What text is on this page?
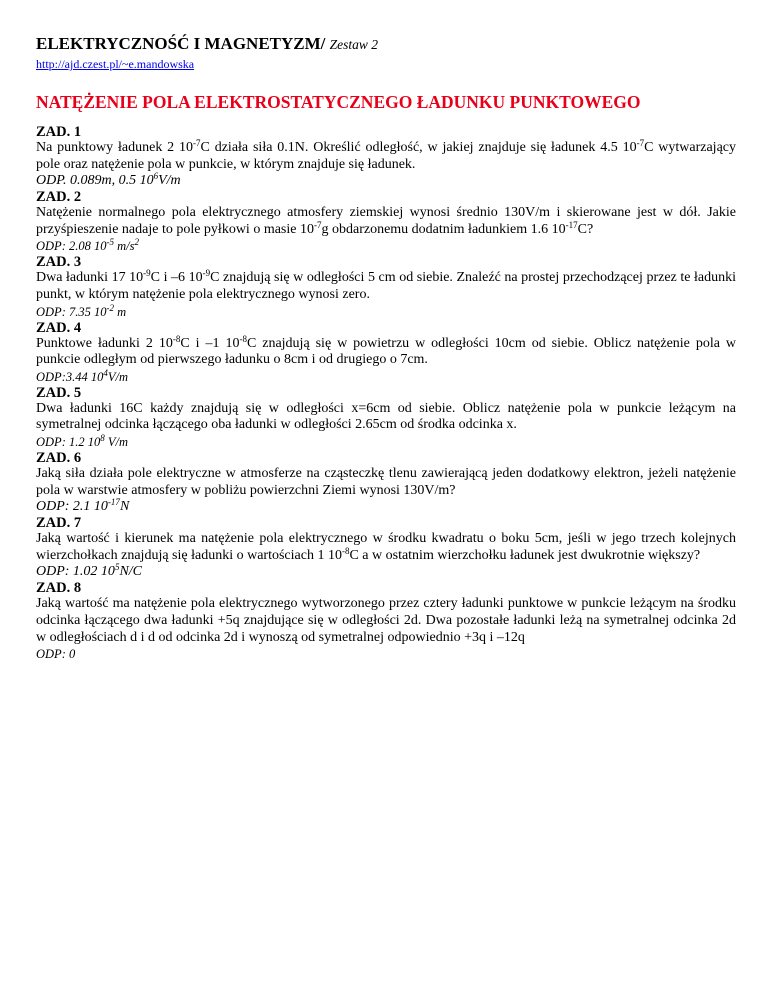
ELEKTRYCZNOŚĆ I MAGNETYZM/ Zestaw 2
http://ajd.czest.pl/~e.mandowska
NATĘŻENIE POLA ELEKTROSTATYCZNEGO ŁADUNKU PUNKTOWEGO
ZAD. 1
Na punktowy ładunek 2 $10^{-7}C$ działa siła 0.1N. Określić odległość, w jakiej znajduje się ładunek 4.5 $10^{-7}C$ wytwarzający pole oraz natężenie pola w punkcie, w którym znajduje się ładunek.
ODP. 0.089m, 0.5 $10^6V/m$
ZAD. 2
Natężenie normalnego pola elektrycznego atmosfery ziemskiej wynosi średnio 130V/m i skierowane jest w dół. Jakie przyśpieszenie nadaje to pole pyłkowi o masie $10^{-7}g$ obdarzonemu dodatnim ładunkiem 1.6 $10^{-17}C$?
ODP: 2.08 $10^{-5}$ $m/s^2$
ZAD. 3
Dwa ładunki 17 $10^{-9}C$ i –6 $10^{-9}C$ znajdują się w odległości 5 cm od siebie. Znaleźć na prostej przechodzącej przez te ładunki punkt, w którym natężenie pola elektrycznego wynosi zero.
ODP: 7.35 $10^{-2}$ m
ZAD. 4
Punktowe ładunki 2 $10^{-8}C$ i –1 $10^{-8}C$ znajdują się w powietrzu w odległości 10cm od siebie. Oblicz natężenie pola w punkcie odległym od pierwszego ładunku o 8cm i od drugiego o 7cm.
ODP:3.44 $10^4V/m$
ZAD. 5
Dwa ładunki 16C każdy znajdują się w odległości x=6cm od siebie. Oblicz natężenie pola w punkcie leżącym na symetralnej odcinka łączącego oba ładunki w odległości 2.65cm od środka odcinka x.
ODP: 1.2 $10^8$ V/m
ZAD. 6
Jaką siła działa pole elektryczne w atmosferze na cząsteczkę tlenu zawierającą jeden dodatkowy elektron, jeżeli natężenie pola w warstwie atmosfery w pobliżu powierzchni Ziemi wynosi 130V/m?
ODP: 2.1 $10^{-17}N$
ZAD. 7
Jaką wartość i kierunek ma natężenie pola elektrycznego w środku kwadratu o boku 5cm, jeśli w jego trzech kolejnych wierzchołkach znajdują się ładunki o wartościach 1 $10^{-8}C$ a w ostatnim wierzchołku ładunek jest dwukrotnie większy?
ODP: 1.02 $10^5N/C$
ZAD. 8
Jaką wartość ma natężenie pola elektrycznego wytworzonego przez cztery ładunki punktowe w punkcie leżącym na środku odcinka łączącego dwa ładunki +5q znajdujące się w odległości 2d. Dwa pozostałe ładunki leżą na symetralnej odcinka 2d w odległościach d i d od odcinka 2d i wynoszą od symetralnej odpowiednio +3q i –12q
ODP: 0
